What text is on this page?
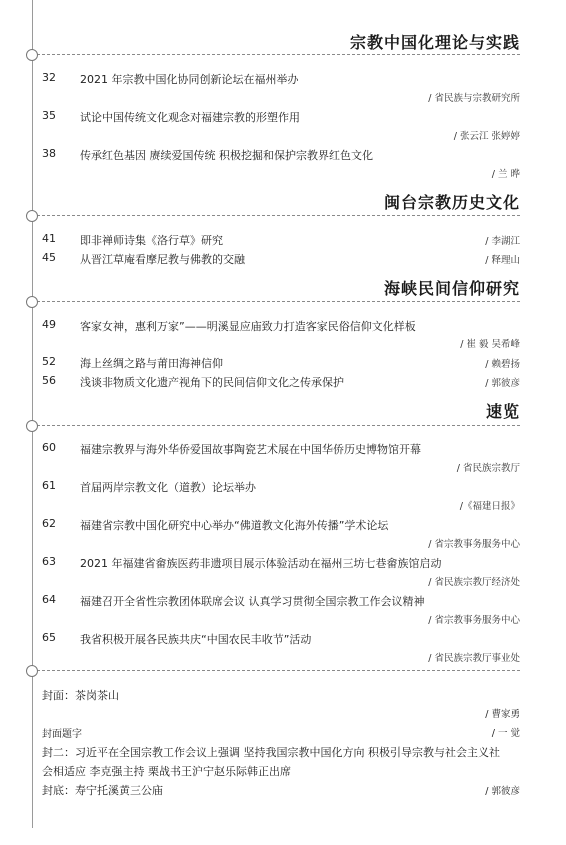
宗教中国化理论与实践
32	2021 年宗教中国化协同创新论坛在福州举办
/ 省民族与宗教研究所
35	试论中国传统文化观念对福建宗教的形塑作用
/ 张云江 张婷婷
38	传承红色基因 赓续爱国传统 积极挖掘和保护宗教界红色文化
/ 兰 晔
闽台宗教历史文化
41	即非禅师诗集《洛行草》研究	/ 李湖江
45	从晋江草庵看摩尼教与佛教的交融	/ 释理山
海峡民间信仰研究
49	客家女神，惠利万家”——明溪显应庙致力打造客家民俗信仰文化样板
/ 崔 毅 吴希峰
52	海上丝绸之路与莆田海神信仰	/ 赖碧扬
56	浅谈非物质文化遗产视角下的民间信仰文化之传承保护	/ 郭彼彦
速览
60	福建宗教界与海外华侨爱国故事陶瓷艺术展在中国华侨历史博物馆开幕
/ 省民族宗教厅
61	首届两岸宗教文化（道教）论坛举办
/《福建日报》
62	福建省宗教中国化研究中心举办“佛道教文化海外传播”学术论坛
/ 省宗教事务服务中心
63	2021 年福建省畲族医药非遗项目展示体验活动在福州三坊七巷畲族馆启动
/ 省民族宗教厅经济处
64	福建召开全省性宗教团体联席会议 认真学习贯彻全国宗教工作会议精神
/ 省宗教事务服务中心
65	我省积极开展各民族共庆“中国农民丰收节”活动
/ 省民族宗教厅事业处
封面：茶岗茶山
/ 曹家勇
封面题字	/ 一 觉
封二：习近平在全国宗教工作会议上强调 坚持我国宗教中国化方向 积极引导宗教与社会主义社
会相适应 李克强主持 栗战书王沪宁赵乐际韩正出席
封底：寿宁托溪黄三公庙	/ 郭彼彦
